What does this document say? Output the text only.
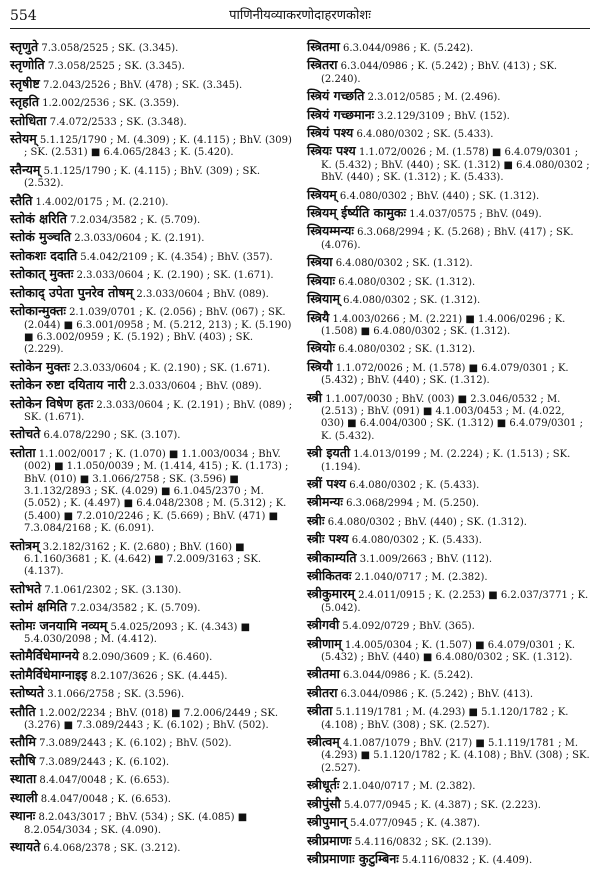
554	पाणिनीयव्याकरणोदाहरणकोशः

स्तृणुते 7.3.058/2525 ; SK. (3.345).

स्तृणोति 7.3.058/2525 ; SK. (3.345).

स्तृषीष्ट 7.2.043/2526 ; BhV. (478) ; SK. (3.345).

स्तृहति 1.2.002/2536 ; SK. (3.359).

स्तोधिता 7.4.072/2533 ; SK. (3.348).

स्तेयम् 5.1.125/1790 ; M. (4.309) ; K. (4.115) ; BhV. (309) ; SK. (2.531) ■ 6.4.065/2843 ; K. (5.420).

स्तैन्यम् 5.1.125/1790 ; K. (4.115) ; BhV. (309) ; SK. (2.532).

स्तैति 1.4.002/0175 ; M. (2.210).

स्तोकं क्षरिति 7.2.034/3582 ; K. (5.709).

स्तोकं मुञ्चति 2.3.033/0604 ; K. (2.191).

स्तोकशः ददाति 5.4.042/2109 ; K. (4.354) ; BhV. (357).

स्तोकात् मुक्तः 2.3.033/0604 ; K. (2.190) ; SK. (1.671).

स्तोकाद् उपेता पुनरेव तोषम् 2.3.033/0604 ; BhV. (089).

स्तोकान्मुक्तः 2.1.039/0701 ; K. (2.056) ; BhV. (067) ; SK. (2.044) ■ 6.3.001/0958 ; M. (5.212, 213) ; K. (5.190) ■ 6.3.002/0959 ; K. (5.192) ; BhV. (403) ; SK. (2.229).

स्तोकेन मुक्तः 2.3.033/0604 ; K. (2.190) ; SK. (1.671).

स्तोकेन रुष्टा दयिताय नारी 2.3.033/0604 ; BhV. (089).

स्तोकेन विषेण हतः 2.3.033/0604 ; K. (2.191) ; BhV. (089) ; SK. (1.671).

स्तोचते 6.4.078/2290 ; SK. (3.107).

स्तोता 1.1.002/0017 ; K. (1.070) ■ 1.1.003/0034 ; BhV. (002) ■ 1.1.050/0039 ; M. (1.414, 415) ; K. (1.173) ; BhV. (010) ■ 3.1.066/2758 ; SK. (3.596) ■ 3.1.132/2893 ; SK. (4.029) ■ 6.1.045/2370 ; M. (5.052) ; K. (4.497) ■ 6.4.048/2308 ; M. (5.312) ; K. (5.400) ■ 7.2.010/2246 ; K. (5.669) ; BhV. (471) ■ 7.3.084/2168 ; K. (6.091).

स्तोत्रम् 3.2.182/3162 ; K. (2.680) ; BhV. (160) ■ 6.1.160/3681 ; K. (4.642) ■ 7.2.009/3163 ; SK. (4.137).

स्तोभते 7.1.061/2302 ; SK. (3.130).

स्तोमं क्षमिति 7.2.034/3582 ; K. (5.709).

स्तोमः जनयामि नव्यम् 5.4.025/2093 ; K. (4.343) ■ 5.4.030/2098 ; M. (4.412).

स्तोमैर्विधेमाग्नये 8.2.090/3609 ; K. (6.460).

स्तोमैर्विधेमाग्नाइइ 8.2.107/3626 ; SK. (4.445).

स्तोष्यते 3.1.066/2758 ; SK. (3.596).

स्तौति 1.2.002/2234 ; BhV. (018) ■ 7.2.006/2449 ; SK. (3.276) ■ 7.3.089/2443 ; K. (6.102) ; BhV. (502).

स्तौमि 7.3.089/2443 ; K. (6.102) ; BhV. (502).

स्तौषि 7.3.089/2443 ; K. (6.102).

स्थाता 8.4.047/0048 ; K. (6.653).

स्थाली 8.4.047/0048 ; K. (6.653).

स्थानः 8.2.043/3017 ; BhV. (534) ; SK. (4.085) ■ 8.2.054/3034 ; SK. (4.090).

स्थायते 6.4.068/2378 ; SK. (3.212).

स्त्रितमा 6.3.044/0986 ; K. (5.242).

स्त्रितरा 6.3.044/0986 ; K. (5.242) ; BhV. (413) ; SK. (2.240).

स्त्रियं गच्छति 2.3.012/0585 ; M. (2.496).

स्त्रियं गच्छमानः 3.2.129/3109 ; BhV. (152).

स्त्रियं पश्य 6.4.080/0302 ; SK. (5.433).

स्त्रियः पश्य 1.1.072/0026 ; M. (1.578) ■ 6.4.079/0301 ; K. (5.432) ; BhV. (440) ; SK. (1.312) ■ 6.4.080/0302 ; BhV. (440) ; SK. (1.312) ; K. (5.433).

स्त्रियम् 6.4.080/0302 ; BhV. (440) ; SK. (1.312).

स्त्रियम् ईर्ष्यति कामुकः 1.4.037/0575 ; BhV. (049).

स्त्रियम्मन्यः 6.3.068/2994 ; K. (5.268) ; BhV. (417) ; SK. (4.076).

स्त्रिया 6.4.080/0302 ; SK. (1.312).

स्त्रियाः 6.4.080/0302 ; SK. (1.312).

स्त्रियाम् 6.4.080/0302 ; SK. (1.312).

स्त्रियै 1.4.003/0266 ; M. (2.221) ■ 1.4.006/0296 ; K. (1.508) ■ 6.4.080/0302 ; SK. (1.312).

स्त्रियोः 6.4.080/0302 ; SK. (1.312).

स्त्रियौ 1.1.072/0026 ; M. (1.578) ■ 6.4.079/0301 ; K. (5.432) ; BhV. (440) ; SK. (1.312).

स्त्री 1.1.007/0030 ; BhV. (003) ■ 2.3.046/0532 ; M. (2.513) ; BhV. (091) ■ 4.1.003/0453 ; M. (4.022, 030) ■ 6.4.004/0300 ; SK. (1.312) ■ 6.4.079/0301 ; K. (5.432).

स्त्री इयती 1.4.013/0199 ; M. (2.224) ; K. (1.513) ; SK. (1.194).

स्त्रीं पश्य 6.4.080/0302 ; K. (5.433).

स्त्रीमन्यः 6.3.068/2994 ; M. (5.250).

स्त्रीः 6.4.080/0302 ; BhV. (440) ; SK. (1.312).

स्त्रीः पश्य 6.4.080/0302 ; K. (5.433).

स्त्रीकाम्यति 3.1.009/2663 ; BhV. (112).

स्त्रीकितवः 2.1.040/0717 ; M. (2.382).

स्त्रीकुमारम् 2.4.011/0915 ; K. (2.253) ■ 6.2.037/3771 ; K. (5.042).

स्त्रीगवी 5.4.092/0729 ; BhV. (365).

स्त्रीणाम् 1.4.005/0304 ; K. (1.507) ■ 6.4.079/0301 ; K. (5.432) ; BhV. (440) ■ 6.4.080/0302 ; SK. (1.312).

स्त्रीतमा 6.3.044/0986 ; K. (5.242).

स्त्रीतरा 6.3.044/0986 ; K. (5.242) ; BhV. (413).

स्त्रीता 5.1.119/1781 ; M. (4.293) ■ 5.1.120/1782 ; K. (4.108) ; BhV. (308) ; SK. (2.527).

स्त्रीत्वम् 4.1.087/1079 ; BhV. (217) ■ 5.1.119/1781 ; M. (4.293) ■ 5.1.120/1782 ; K. (4.108) ; BhV. (308) ; SK. (2.527).

स्त्रीधूर्तः 2.1.040/0717 ; M. (2.382).

स्त्रीपुंसौ 5.4.077/0945 ; K. (4.387) ; SK. (2.223).

स्त्रीपुमान् 5.4.077/0945 ; K. (4.387).

स्त्रीप्रमाणः 5.4.116/0832 ; SK. (2.139).

स्त्रीप्रमाणाः कुटुम्बिनः 5.4.116/0832 ; K. (4.409).
